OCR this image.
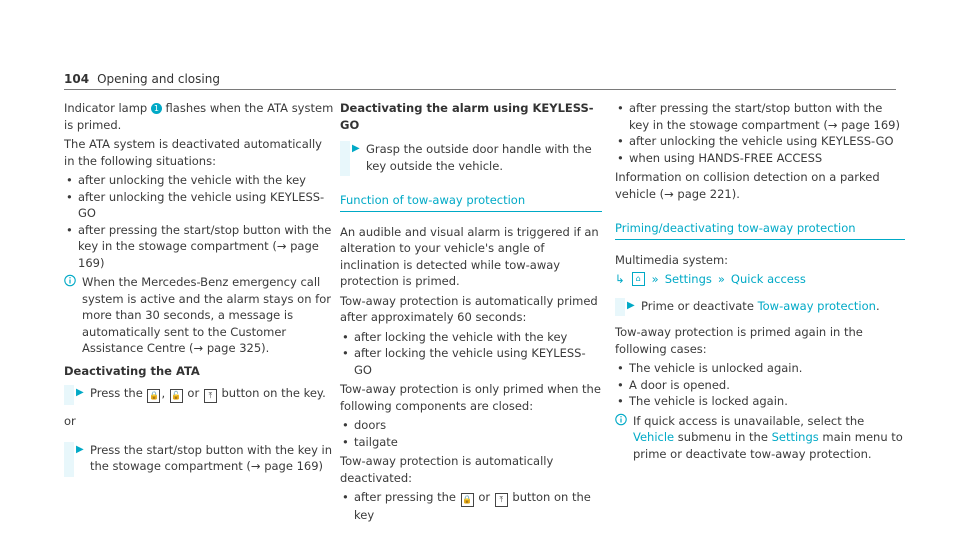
104 Opening and closing

Indicator lamp 1 flashes when the ATA system is primed.

The ATA system is deactivated automatically in the following situations:

• after unlocking the vehicle with the key
• after unlocking the vehicle using KEYLESS-GO
• after pressing the start/stop button with the key in the stowage compartment (→ page 169)
When the Mercedes-Benz emergency call system is active and the alarm stays on for more than 30 seconds, a message is automatically sent to the Customer Assistance Centre (→ page 325).
Deactivating the ATA
▶ Press the 🔒 , 🔓 or ⤒ button on the key.

or

▶ Press the start/stop button with the key in the stowage compartment (→ page 169)
Deactivating the alarm using KEYLESS-GO
▶ Grasp the outside door handle with the key outside the vehicle.
Function of tow-away protection

An audible and visual alarm is triggered if an alteration to your vehicle's angle of inclination is detected while tow-away protection is primed.

Tow-away protection is automatically primed after approximately 60 seconds:

• after locking the vehicle with the key
• after locking the vehicle using KEYLESS-GO

Tow-away protection is only primed when the following components are closed:

• doors
• tailgate

Tow-away protection is automatically deactivated:

• after pressing the 🔒 or ⤒ button on the key
• after pressing the start/stop button with the key in the stowage compartment (→ page 169)
• after unlocking the vehicle using KEYLESS-GO
• when using HANDS-FREE ACCESS

Information on collision detection on a parked vehicle (→ page 221).

Priming/deactivating tow-away protection

Multimedia system:

↳	⌂ » Settings » Quick access
▶ Prime or deactivate Tow-away protection.

Tow-away protection is primed again in the following cases:

• The vehicle is unlocked again.
• A door is opened.
• The vehicle is locked again.
If quick access is unavailable, select the Vehicle submenu in the Settings main menu to prime or deactivate tow-away protection.
